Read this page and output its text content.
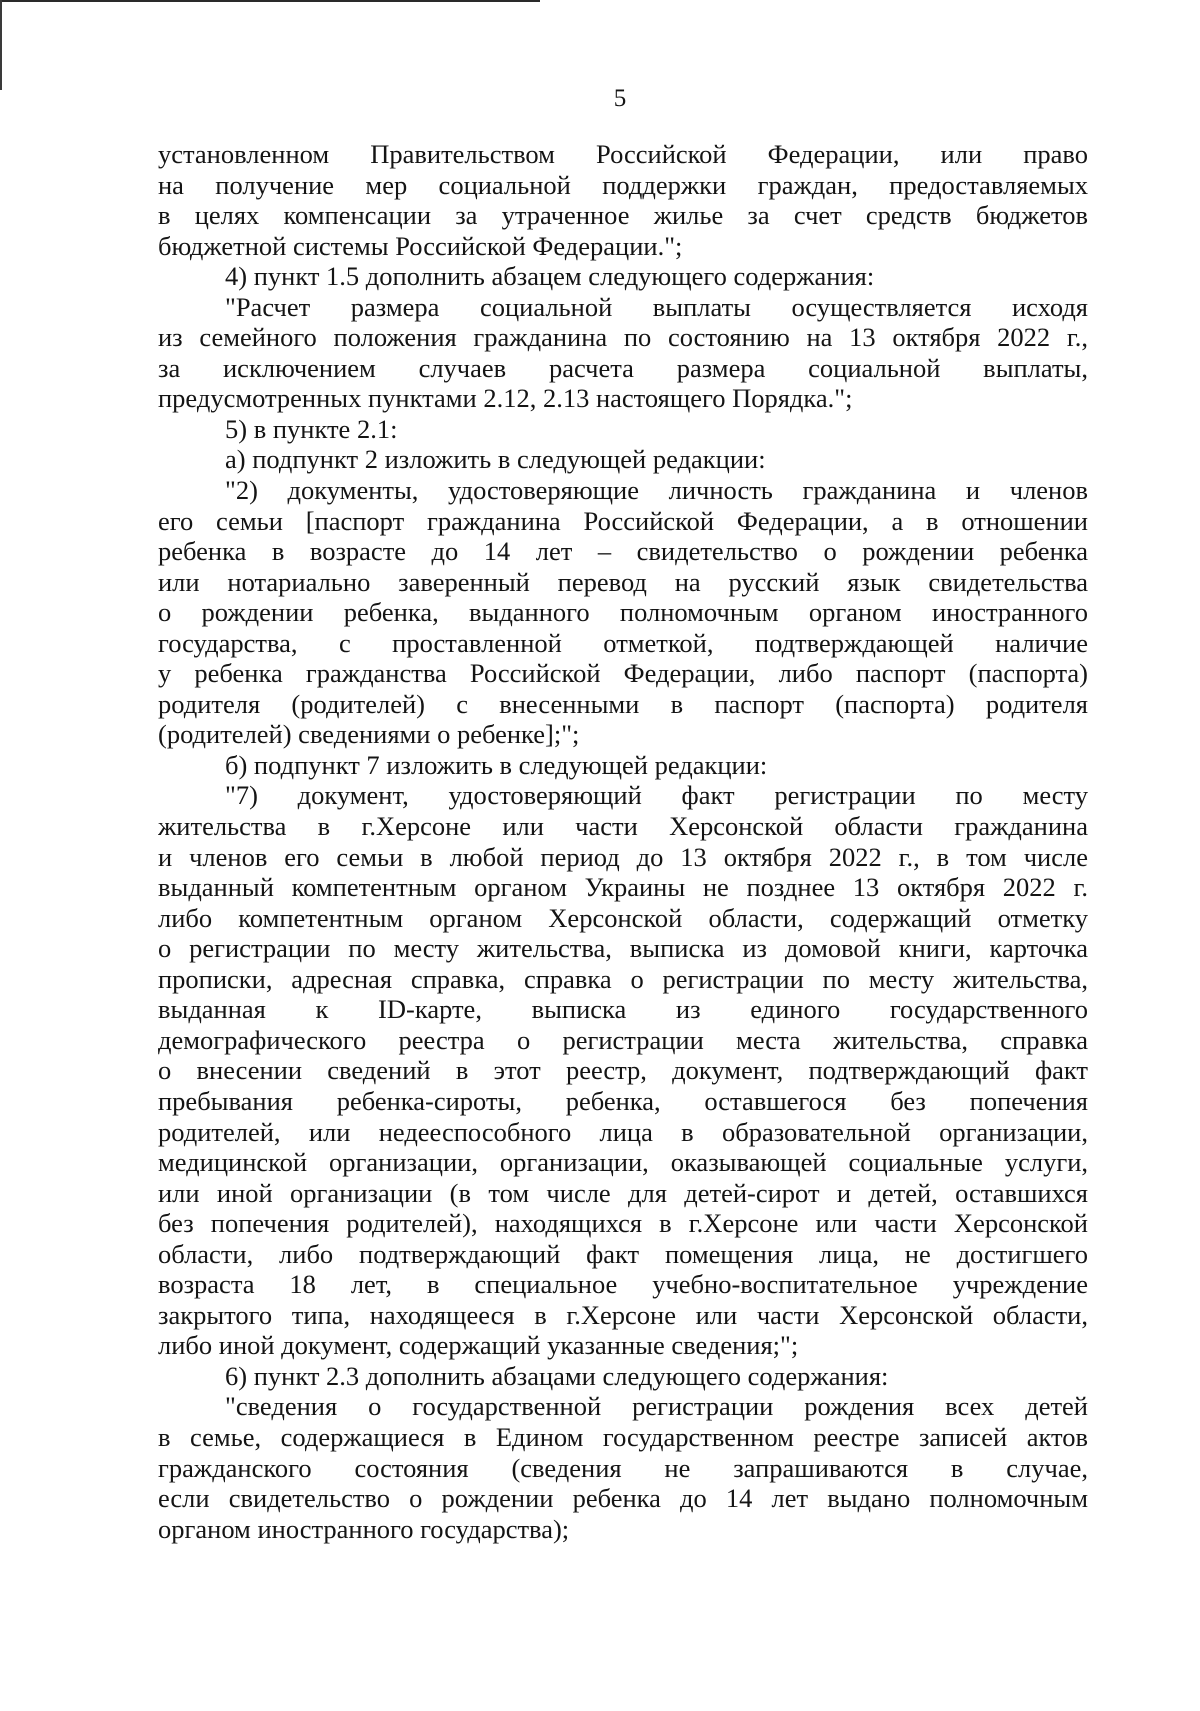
5
установленном Правительством Российской Федерации, или право
на получение мер социальной поддержки граждан, предоставляемых
в целях компенсации за утраченное жилье за счет средств бюджетов
бюджетной системы Российской Федерации.";
4) пункт 1.5 дополнить абзацем следующего содержания:
"Расчет размера социальной выплаты осуществляется исходя
из семейного положения гражданина по состоянию на 13 октября 2022 г.,
за исключением случаев расчета размера социальной выплаты,
предусмотренных пунктами 2.12, 2.13 настоящего Порядка.";
5) в пункте 2.1:
а) подпункт 2 изложить в следующей редакции:
"2) документы, удостоверяющие личность гражданина и членов
его семьи [паспорт гражданина Российской Федерации, а в отношении
ребенка в возрасте до 14 лет – свидетельство о рождении ребенка
или нотариально заверенный перевод на русский язык свидетельства
о рождении ребенка, выданного полномочным органом иностранного
государства, с проставленной отметкой, подтверждающей наличие
у ребенка гражданства Российской Федерации, либо паспорт (паспорта)
родителя (родителей) с внесенными в паспорт (паспорта) родителя
(родителей) сведениями о ребенке];";
б) подпункт 7 изложить в следующей редакции:
"7) документ, удостоверяющий факт регистрации по месту
жительства в г.Херсоне или части Херсонской области гражданина
и членов его семьи в любой период до 13 октября 2022 г., в том числе
выданный компетентным органом Украины не позднее 13 октября 2022 г.
либо компетентным органом Херсонской области, содержащий отметку
о регистрации по месту жительства, выписка из домовой книги, карточка
прописки, адресная справка, справка о регистрации по месту жительства,
выданная к ID-карте, выписка из единого государственного
демографического реестра о регистрации места жительства, справка
о внесении сведений в этот реестр, документ, подтверждающий факт
пребывания ребенка-сироты, ребенка, оставшегося без попечения
родителей, или недееспособного лица в образовательной организации,
медицинской организации, организации, оказывающей социальные услуги,
или иной организации (в том числе для детей-сирот и детей, оставшихся
без попечения родителей), находящихся в г.Херсоне или части Херсонской
области, либо подтверждающий факт помещения лица, не достигшего
возраста 18 лет, в специальное учебно-воспитательное учреждение
закрытого типа, находящееся в г.Херсоне или части Херсонской области,
либо иной документ, содержащий указанные сведения;";
6) пункт 2.3 дополнить абзацами следующего содержания:
"сведения о государственной регистрации рождения всех детей
в семье, содержащиеся в Едином государственном реестре записей актов
гражданского состояния (сведения не запрашиваются в случае,
если свидетельство о рождении ребенка до 14 лет выдано полномочным
органом иностранного государства);
